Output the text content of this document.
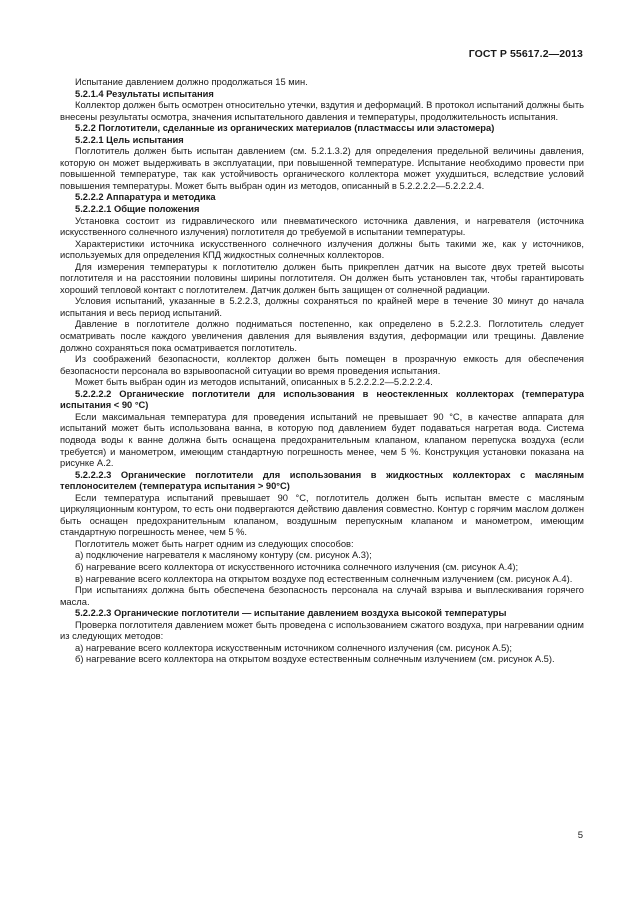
ГОСТ Р 55617.2—2013

Испытание давлением должно продолжаться 15 мин.

5.2.1.4 Результаты испытания

Коллектор должен быть осмотрен относительно утечки, вздутия и деформаций. В протокол испытаний должны быть внесены результаты осмотра, значения испытательного давления и температуры, продолжительность испытания.

5.2.2 Поглотители, сделанные из органических материалов (пластмассы или эластомера)

5.2.2.1 Цель испытания

Поглотитель должен быть испытан давлением (см. 5.2.1.3.2) для определения предельной величины давления, которую он может выдерживать в эксплуатации, при повышенной температуре. Испытание необходимо провести при повышенной температуре, так как устойчивость органического коллектора может ухудшиться, вследствие условий повышения температуры. Может быть выбран один из методов, описанный в 5.2.2.2.2—5.2.2.2.4.

5.2.2.2 Аппаратура и методика

5.2.2.2.1 Общие положения

Установка состоит из гидравлического или пневматического источника давления, и нагревателя (источника искусственного солнечного излучения) поглотителя до требуемой в испытании температуры.

Характеристики источника искусственного солнечного излучения должны быть такими же, как у источников, используемых для определения КПД жидкостных солнечных коллекторов.

Для измерения температуры к поглотителю должен быть прикреплен датчик на высоте двух третей высоты поглотителя и на расстоянии половины ширины поглотителя. Он должен быть установлен так, чтобы гарантировать хороший тепловой контакт с поглотителем. Датчик должен быть защищен от солнечной радиации.

Условия испытаний, указанные в 5.2.2.3, должны сохраняться по крайней мере в течение 30 минут до начала испытания и весь период испытаний.

Давление в поглотителе должно подниматься постепенно, как определено в 5.2.2.3. Поглотитель следует осматривать после каждого увеличения давления для выявления вздутия, деформации или трещины. Давление должно сохраняться пока осматривается поглотитель.

Из соображений безопасности, коллектор должен быть помещен в прозрачную емкость для обеспечения безопасности персонала во взрывоопасной ситуации во время проведения испытания.

Может быть выбран один из методов испытаний, описанных в 5.2.2.2.2—5.2.2.2.4.

5.2.2.2.2 Органические поглотители для использования в неостекленных коллекторах (температура испытания < 90 °C)

Если максимальная температура для проведения испытаний не превышает 90 °С, в качестве аппарата для испытаний может быть использована ванна, в которую под давлением будет подаваться нагретая вода. Система подвода воды к ванне должна быть оснащена предохранительным клапаном, клапаном перепуска воздуха (если требуется) и манометром, имеющим стандартную погрешность менее, чем 5 %. Конструкция установки показана на рисунке А.2.

5.2.2.2.3 Органические поглотители для использования в жидкостных коллекторах с масляным теплоносителем (температура испытания > 90°С)

Если температура испытаний превышает 90 °С, поглотитель должен быть испытан вместе с масляным циркуляционным контуром, то есть они подвергаются действию давления совместно. Контур с горячим маслом должен быть оснащен предохранительным клапаном, воздушным перепускным клапаном и манометром, имеющим стандартную погрешность менее, чем 5 %.

Поглотитель может быть нагрет одним из следующих способов:

а) подключение нагревателя к масляному контуру (см. рисунок А.3);

б) нагревание всего коллектора от искусственного источника солнечного излучения (см. рисунок А.4);

в) нагревание всего коллектора на открытом воздухе под естественным солнечным излучением (см. рисунок А.4).

При испытаниях должна быть обеспечена безопасность персонала на случай взрыва и выплескивания горячего масла.

5.2.2.2.3 Органические поглотители — испытание давлением воздуха высокой температуры

Проверка поглотителя давлением может быть проведена с использованием сжатого воздуха, при нагревании одним из следующих методов:

а) нагревание всего коллектора искусственным источником солнечного излучения (см. рисунок А.5);

б) нагревание всего коллектора на открытом воздухе естественным солнечным излучением (см. рисунок А.5).

5
